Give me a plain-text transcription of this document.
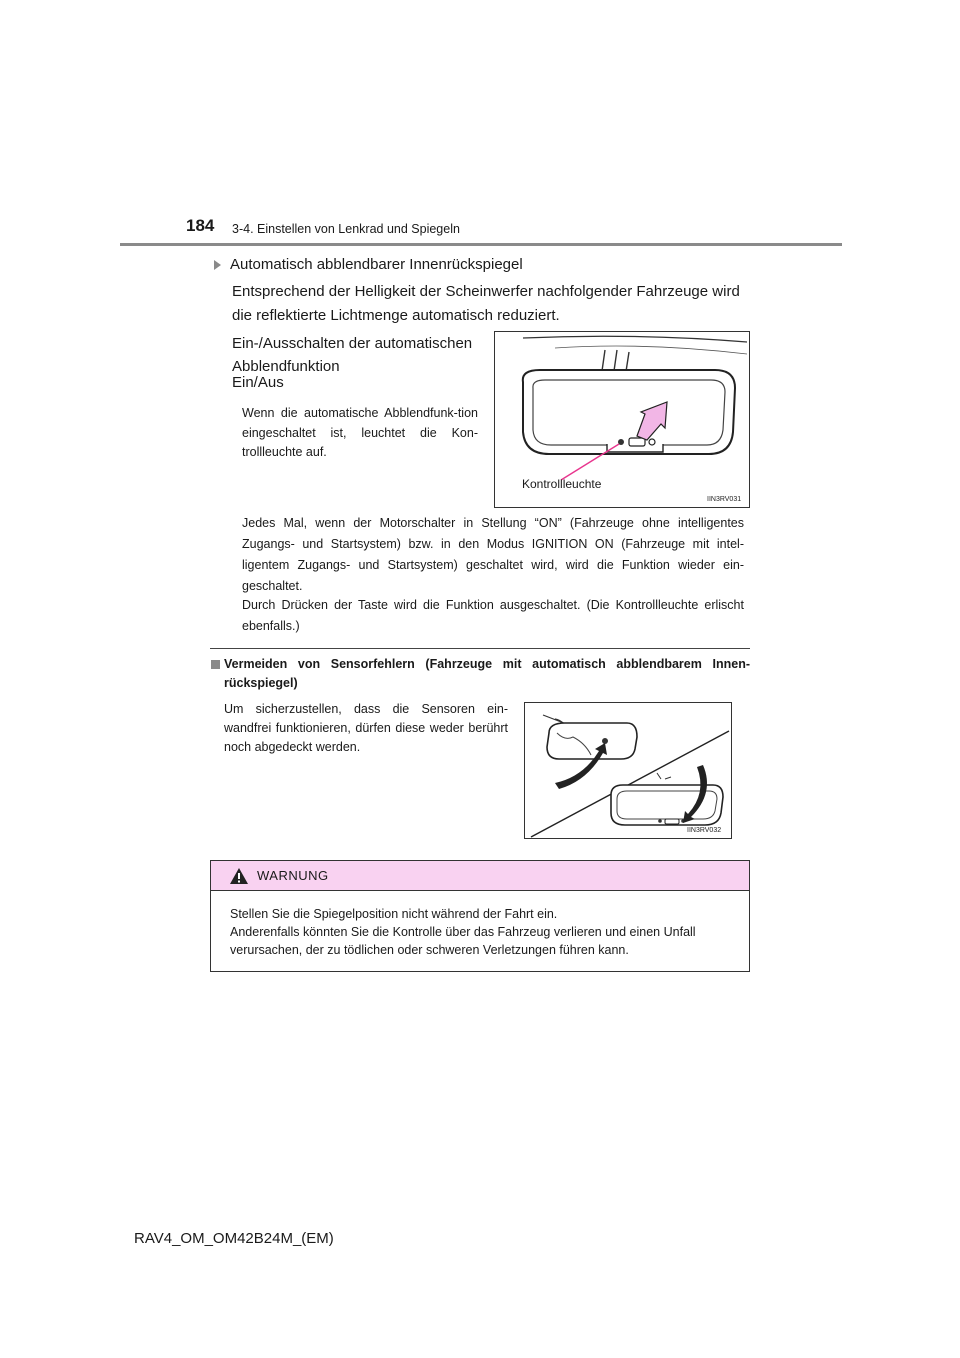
184 3-4. Einstellen von Lenkrad und Spiegeln
Automatisch abblendbarer Innenrückspiegel

Entsprechend der Helligkeit der Scheinwerfer nachfolgender Fahrzeuge wird die reflektierte Lichtmenge automatisch reduziert.

Ein-/Ausschalten der automatischen Abblendfunktion
Ein/Aus

Wenn die automatische Abblendfunk-tion eingeschaltet ist, leuchtet die Kon-trollleuchte auf.

IIN3RV031
Kontrollleuchte

Jedes Mal, wenn der Motorschalter in Stellung “ON” (Fahrzeuge ohne intelligentes Zugangs- und Startsystem) bzw. in den Modus IGNITION ON (Fahrzeuge mit intel-ligentem Zugangs- und Startsystem) geschaltet wird, wird die Funktion wieder ein-geschaltet.

Durch Drücken der Taste wird die Funktion ausgeschaltet. (Die Kontrollleuchte erlischt ebenfalls.)

Vermeiden von Sensorfehlern (Fahrzeuge mit automatisch abblendbarem Innen-rückspiegel)

Um sicherzustellen, dass die Sensoren ein-wandfrei funktionieren, dürfen diese weder berührt noch abgedeckt werden.

IIN3RV032
WARNUNG

Stellen Sie die Spiegelposition nicht während der Fahrt ein.

Anderenfalls könnten Sie die Kontrolle über das Fahrzeug verlieren und einen Unfall verursachen, der zu tödlichen oder schweren Verletzungen führen kann.

RAV4_OM_OM42B24M_(EM)
